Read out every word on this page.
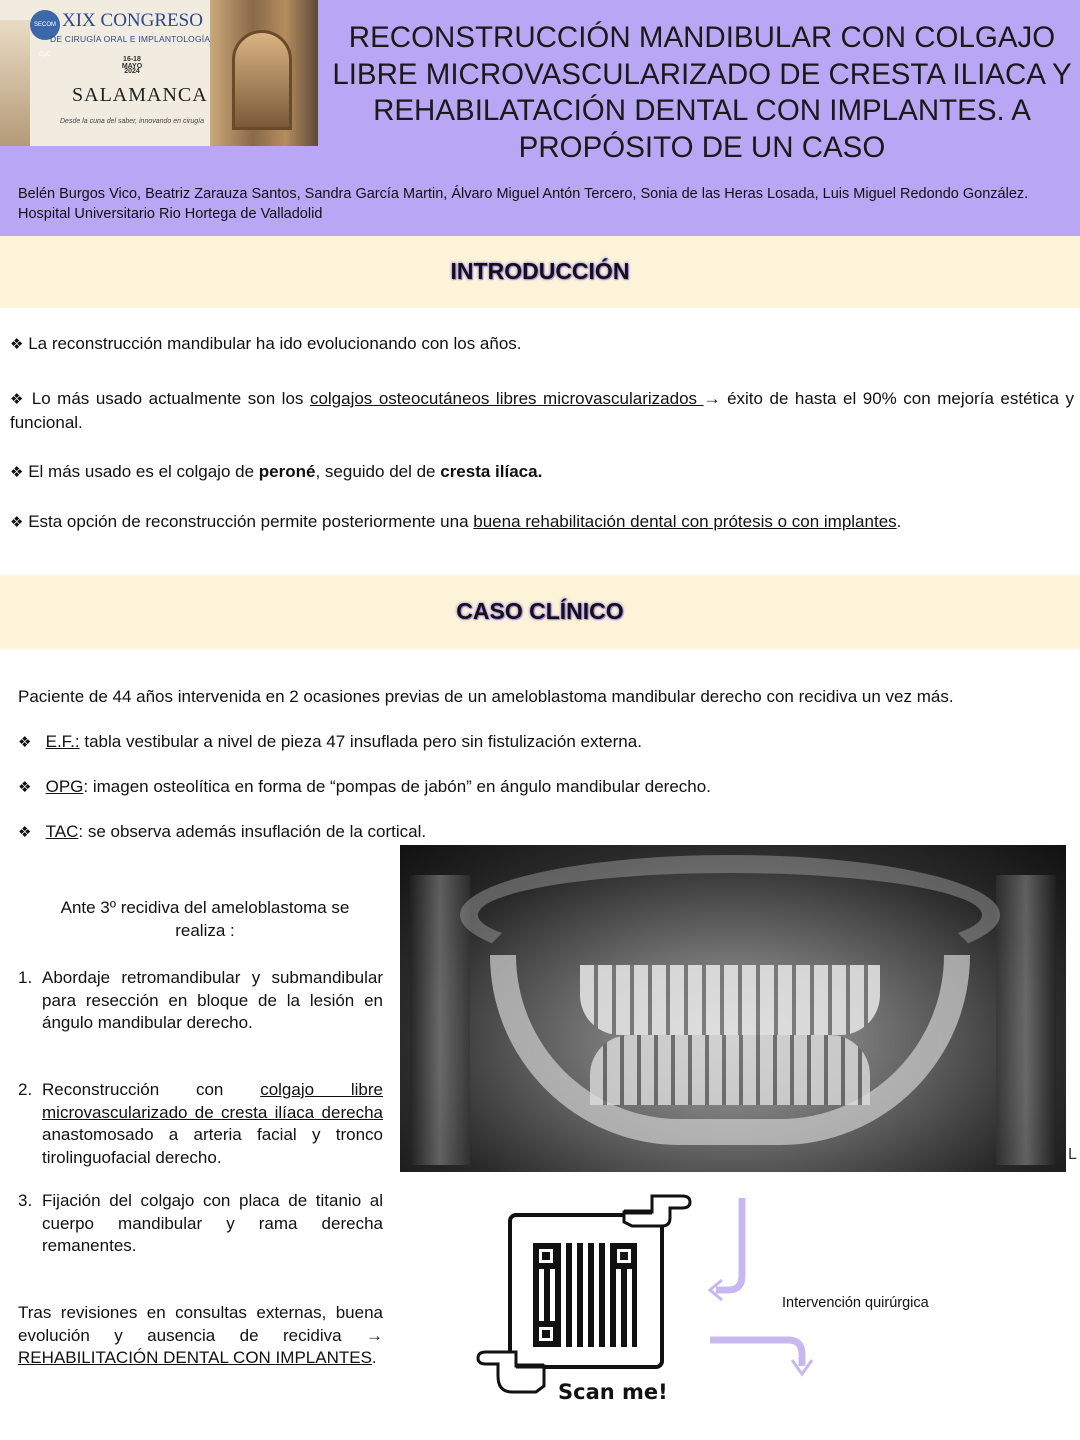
SECOM CyC
XIX CONGRESO
DE CIRUGÍA ORAL E IMPLANTOLOGÍA
16-18 MAYO
2024
SALAMANCA
Desde la cuna del saber, innovando en cirugía
RECONSTRUCCIÓN MANDIBULAR CON COLGAJO LIBRE MICROVASCULARIZADO DE CRESTA ILIACA Y REHABILATACIÓN DENTAL CON IMPLANTES. A PROPÓSITO DE UN CASO
Belén Burgos Vico, Beatriz Zarauza Santos, Sandra García Martin, Álvaro Miguel Antón Tercero, Sonia de las Heras Losada, Luis Miguel Redondo González. Hospital Universitario Rio Hortega de Valladolid
INTRODUCCIÓN

❖ La reconstrucción mandibular ha ido evolucionando con los años.

❖ Lo más usado actualmente son los colgajos osteocutáneos libres microvascularizados → éxito de hasta el 90% con mejoría estética y funcional.

❖ El más usado es el colgajo de peroné, seguido del de cresta ilíaca.

❖ Esta opción de reconstrucción permite posteriormente una buena rehabilitación dental con prótesis o con implantes.

CASO CLÍNICO

Paciente de 44 años intervenida en 2 ocasiones previas de un ameloblastoma mandibular derecho con recidiva un vez más.

❖ E.F.: tabla vestibular a nivel de pieza 47 insuflada pero sin fistulización externa.

❖ OPG: imagen osteolítica en forma de “pompas de jabón” en ángulo mandibular derecho.

❖ TAC: se observa además insuflación de la cortical.

L

Ante 3º recidiva del ameloblastoma se realiza :

1. Abordaje retromandibular y submandibular para resección en bloque de la lesión en ángulo mandibular derecho.

2. Reconstrucción con colgajo libre microvascularizado de cresta ilíaca derecha anastomosado a arteria facial y tronco tirolinguofacial derecho.

3. Fijación del colgajo con placa de titanio al cuerpo mandibular y rama derecha remanentes.

Tras revisiones en consultas externas, buena evolución y ausencia de recidiva → REHABILITACIÓN DENTAL CON IMPLANTES.

Scan me!
Intervención quirúrgica
